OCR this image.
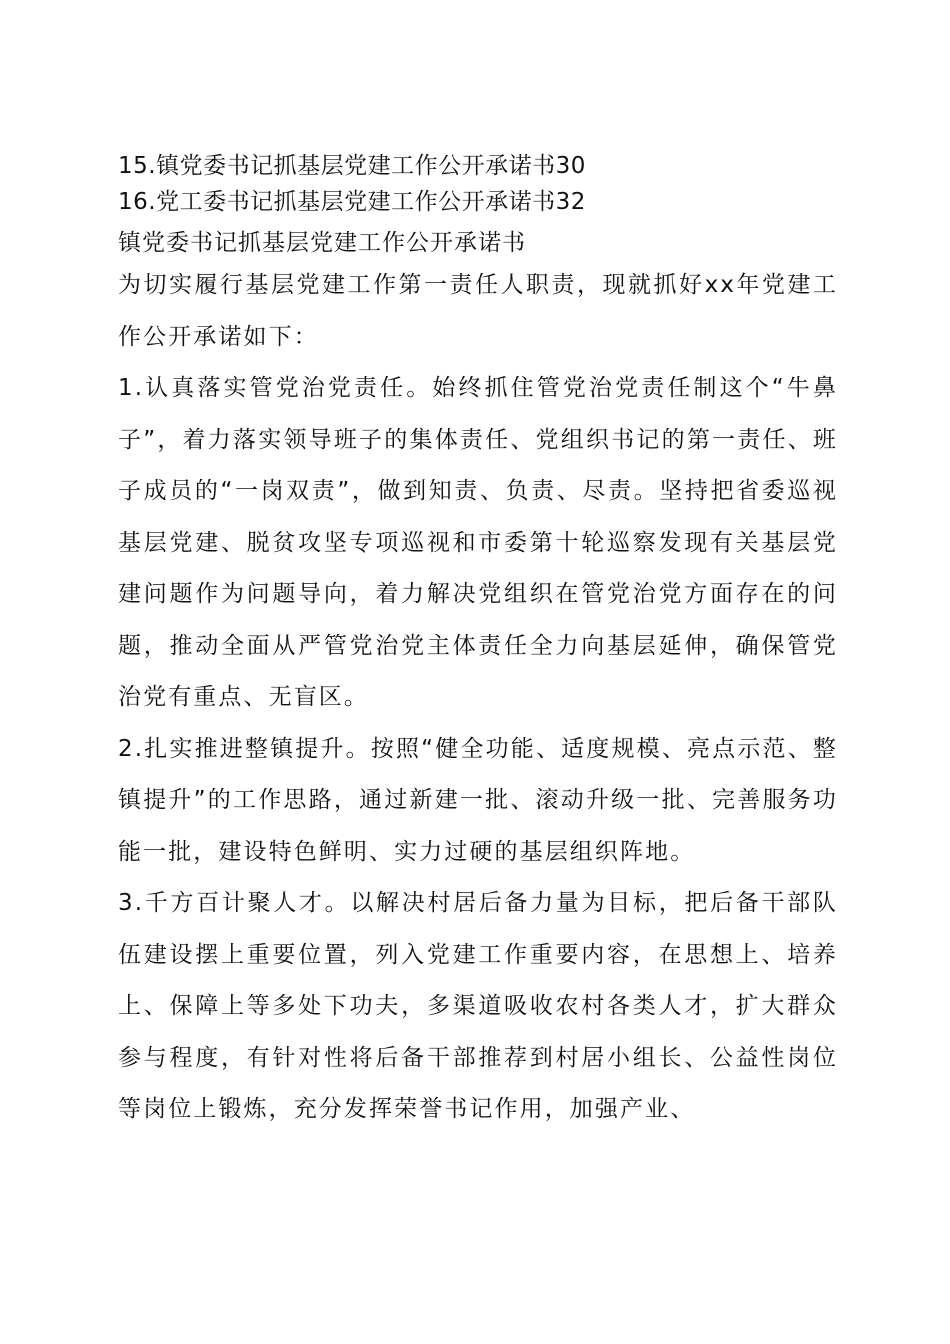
15.镇党委书记抓基层党建工作公开承诺书30
16.党工委书记抓基层党建工作公开承诺书32
镇党委书记抓基层党建工作公开承诺书

为切实履行基层党建工作第一责任人职责，现就抓好xx年党建工作公开承诺如下：

1.认真落实管党治党责任。始终抓住管党治党责任制这个“牛鼻子”，着力落实领导班子的集体责任、党组织书记的第一责任、班子成员的“一岗双责”，做到知责、负责、尽责。坚持把省委巡视基层党建、脱贫攻坚专项巡视和市委第十轮巡察发现有关基层党建问题作为问题导向，着力解决党组织在管党治党方面存在的问题，推动全面从严管党治党主体责任全力向基层延伸，确保管党治党有重点、无盲区。

2.扎实推进整镇提升。按照“健全功能、适度规模、亮点示范、整镇提升”的工作思路，通过新建一批、滚动升级一批、完善服务功能一批，建设特色鲜明、实力过硬的基层组织阵地。

3.千方百计聚人才。以解决村居后备力量为目标，把后备干部队伍建设摆上重要位置，列入党建工作重要内容，在思想上、培养上、保障上等多处下功夫，多渠道吸收农村各类人才，扩大群众参与程度，有针对性将后备干部推荐到村居小组长、公益性岗位等岗位上锻炼，充分发挥荣誉书记作用，加强产业、
